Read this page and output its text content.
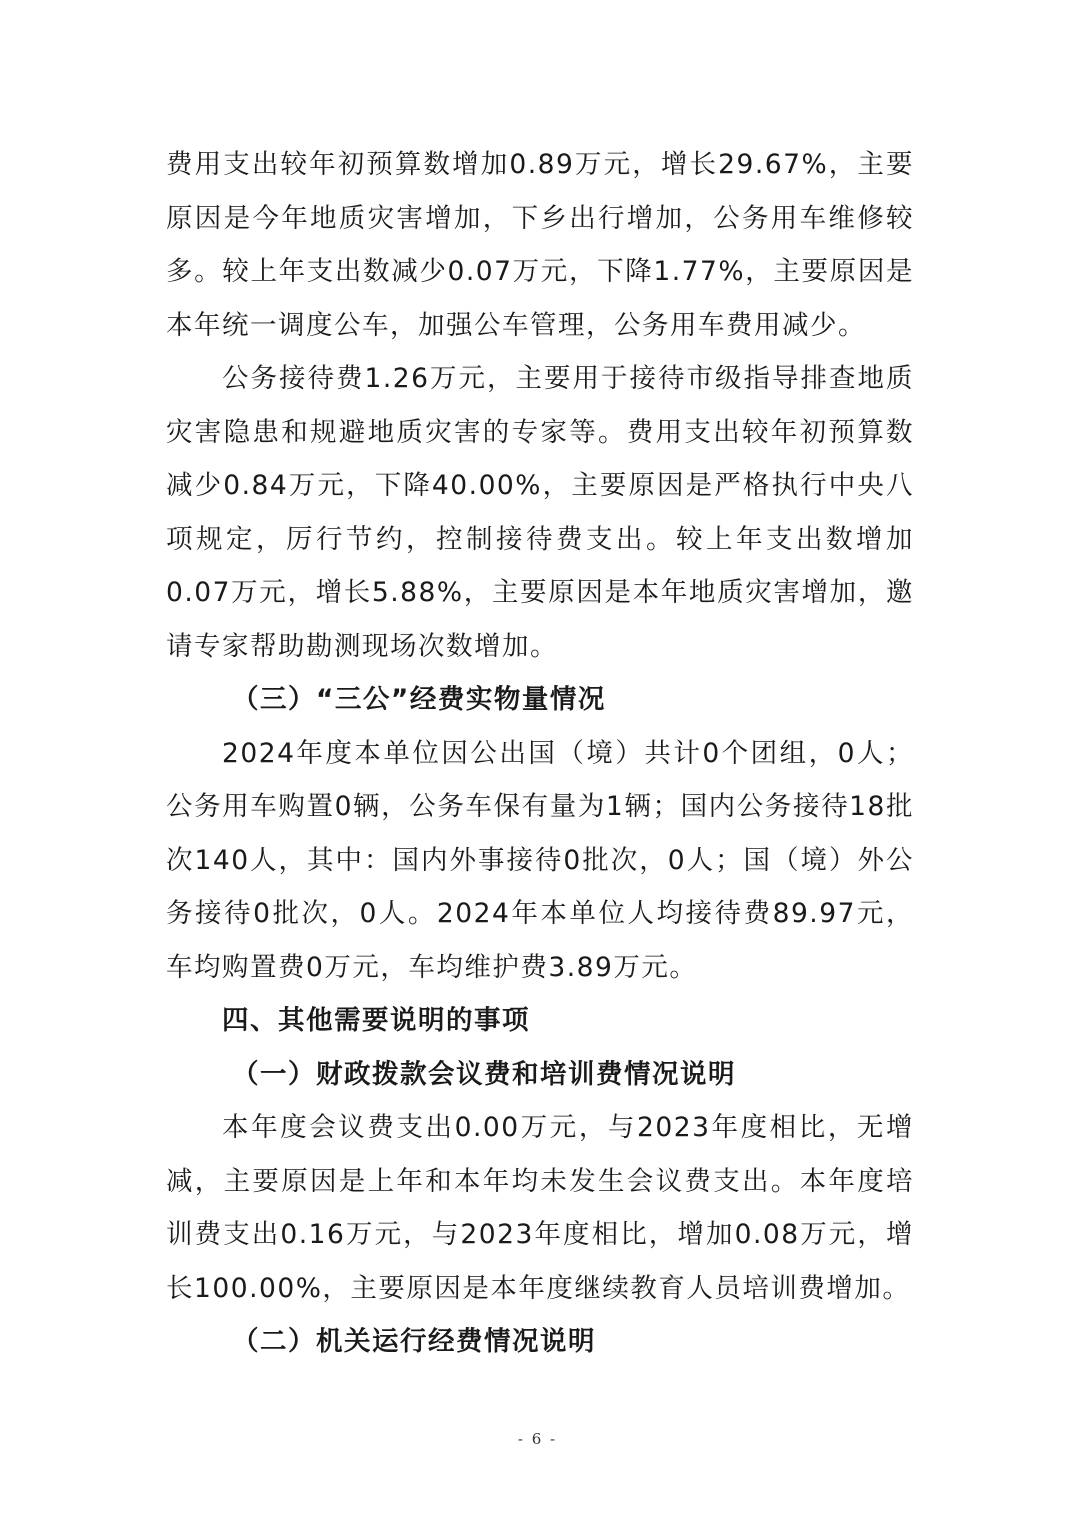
费用支出较年初预算数增加0.89万元，增长29.67%，主要原因是今年地质灾害增加，下乡出行增加，公务用车维修较多。较上年支出数减少0.07万元，下降1.77%，主要原因是本年统一调度公车，加强公车管理，公务用车费用减少。

公务接待费1.26万元，主要用于接待市级指导排查地质灾害隐患和规避地质灾害的专家等。费用支出较年初预算数减少0.84万元，下降40.00%，主要原因是严格执行中央八项规定，厉行节约，控制接待费支出。较上年支出数增加0.07万元，增长5.88%，主要原因是本年地质灾害增加，邀请专家帮助勘测现场次数增加。

（三）“三公”经费实物量情况

2024年度本单位因公出国（境）共计0个团组，0人；公务用车购置0辆，公务车保有量为1辆；国内公务接待18批次140人，其中：国内外事接待0批次，0人；国（境）外公务接待0批次，0人。2024年本单位人均接待费89.97元，车均购置费0万元，车均维护费3.89万元。

四、其他需要说明的事项

（一）财政拨款会议费和培训费情况说明

本年度会议费支出0.00万元，与2023年度相比，无增减，主要原因是上年和本年均未发生会议费支出。本年度培训费支出0.16万元，与2023年度相比，增加0.08万元，增长100.00%，主要原因是本年度继续教育人员培训费增加。

（二）机关运行经费情况说明

- 6 -
